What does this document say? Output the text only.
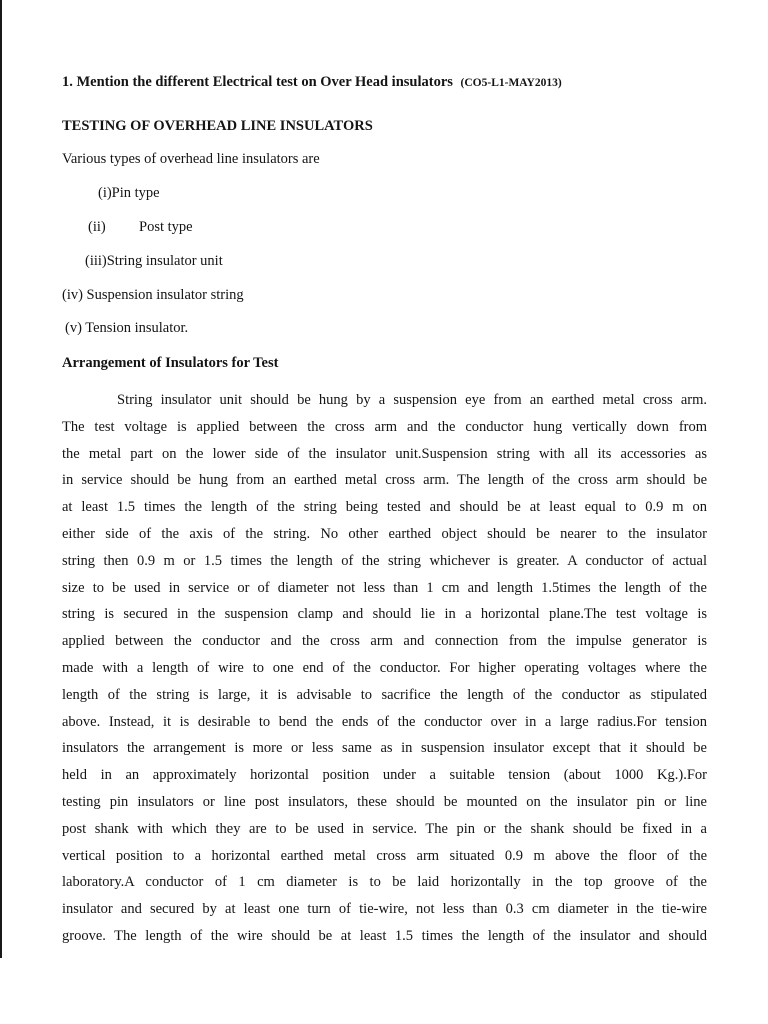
1. Mention the different Electrical test on Over Head insulators (CO5-L1-MAY2013)
TESTING OF OVERHEAD LINE INSULATORS
Various types of overhead line insulators are
(i)Pin type
(ii) Post type
(iii)String insulator unit
(iv) Suspension insulator string
(v) Tension insulator.
Arrangement of Insulators for Test
String insulator unit should be hung by a suspension eye from an earthed metal cross arm.
The test voltage is applied between the cross arm and the conductor hung vertically down from
the metal part on the lower side of the insulator unit.Suspension string with all its accessories as
in service should be hung from an earthed metal cross arm. The length of the cross arm should be
at least 1.5 times the length of the string being tested and should be at least equal to 0.9 m on
either side of the axis of the string. No other earthed object should be nearer to the insulator
string then 0.9 m or 1.5 times the length of the string whichever is greater. A conductor of actual
size to be used in service or of diameter not less than 1 cm and length 1.5times the length of the
string is secured in the suspension clamp and should lie in a horizontal plane.The test voltage is
applied between the conductor and the cross arm and connection from the impulse generator is
made with a length of wire to one end of the conductor. For higher operating voltages where the
length of the string is large, it is advisable to sacrifice the length of the conductor as stipulated
above. Instead, it is desirable to bend the ends of the conductor over in a large radius.For tension
insulators the arrangement is more or less same as in suspension insulator except that it should be
held in an approximately horizontal position under a suitable tension (about 1000 Kg.).For
testing pin insulators or line post insulators, these should be mounted on the insulator pin or line
post shank with which they are to be used in service. The pin or the shank should be fixed in a
vertical position to a horizontal earthed metal cross arm situated 0.9 m above the floor of the
laboratory.A conductor of 1 cm diameter is to be laid horizontally in the top groove of the
insulator and secured by at least one turn of tie-wire, not less than 0.3 cm diameter in the tie-wire
groove. The length of the wire should be at least 1.5 times the length of the insulator and should
